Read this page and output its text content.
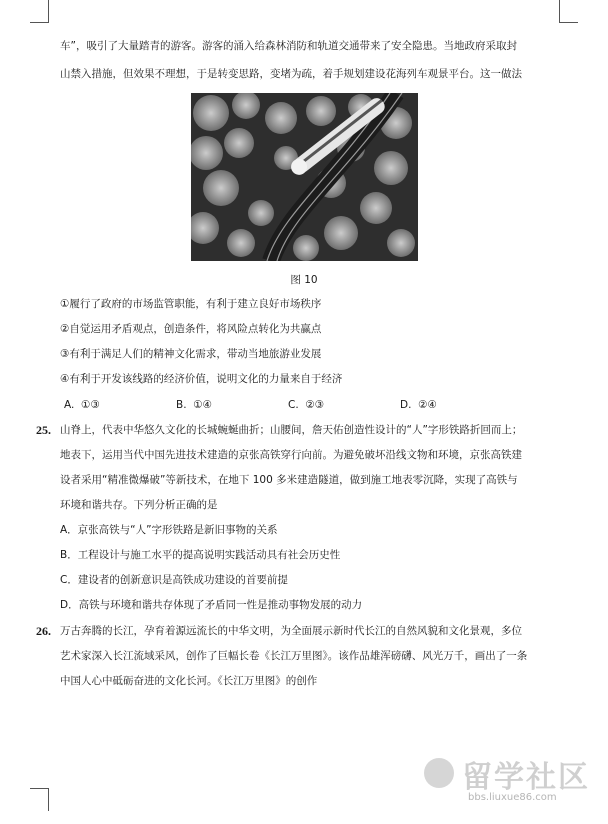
车”，吸引了大量踏青的游客。游客的涌入给森林消防和轨道交通带来了安全隐患。当地政府采取封
山禁入措施，但效果不理想，于是转变思路，变堵为疏，着手规划建设花海列车观景平台。这一做法
图 10
①履行了政府的市场监管职能，有利于建立良好市场秩序
②自觉运用矛盾观点，创造条件，将风险点转化为共赢点
③有利于满足人们的精神文化需求，带动当地旅游业发展
④有利于开发该线路的经济价值，说明文化的力量来自于经济
A. ①③	B. ①④	C. ②③	D. ②④
25. 山脊上，代表中华悠久文化的长城蜿蜒曲折；山腰间，詹天佑创造性设计的“人”字形铁路折回而上；
地表下，运用当代中国先进技术建造的京张高铁穿行向前。为避免破坏沿线文物和环境，京张高铁建
设者采用“精准微爆破”等新技术，在地下 100 多米建造隧道，做到施工地表零沉降，实现了高铁与
环境和谐共存。下列分析正确的是
A．京张高铁与“人”字形铁路是新旧事物的关系
B．工程设计与施工水平的提高说明实践活动具有社会历史性
C．建设者的创新意识是高铁成功建设的首要前提
D．高铁与环境和谐共存体现了矛盾同一性是推动事物发展的动力
26. 万古奔腾的长江，孕育着源远流长的中华文明，为全面展示新时代长江的自然风貌和文化景观，多位
艺术家深入长江流域采风，创作了巨幅长卷《长江万里图》。该作品雄浑磅礴、风光万千，画出了一条
中国人心中砥砺奋进的文化长河。《长江万里图》的创作
留学社区
bbs.liuxue86.com
